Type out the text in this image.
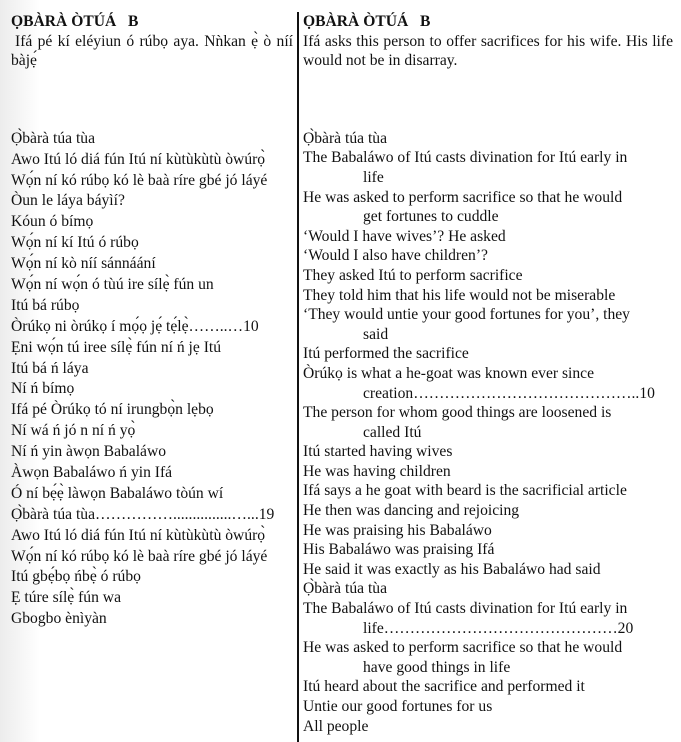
ỌBÀRÀ ÒTÚÁ   B
Ifá pé kí eléyiun ó rúbọ aya. Nǹkan ẹ̀ ò níí bàjẹ́
Ọ̀bàrà túa tùa
Awo Itú ló diá fún Itú ní kùtùkùtù òwúrọ̀
Wọ́n ní kó rúbọ kó lè baà ríre gbé jó láyé
Òun le láya báyìí?
Kóun ó bímọ
Wọ́n ní kí Itú ó rúbọ
Wọ́n ní kò níí sánnáání
Wọ́n ní wọ́n ó tùú ire sílẹ̀ fún un
Itú bá rúbọ
Òrúkọ ni òrúkọ í mọ́ọ jẹ́ tẹ́lẹ̀……..…10
Ẹni wọ́n tú iree sílẹ̀ fún ní ń jẹ Itú
Itú bá ń láya
Ní ń bímọ
Ifá pé Òrúkọ tó ní irungbọ̀n lẹbọ
Ní wá ń jó n ní ń yọ̀
Ní ń yin àwọn Babaláwo
Àwọn Babaláwo ń yin Ifá
Ó ní bẹ́ẹ̀ làwọn Babaláwo tòún wí
Ọ̀bàrà túa tùa……………...............…...19
Awo Itú ló diá fún Itú ní kùtùkùtù òwúrọ̀
Wọ́n ní kó rúbọ kó lè baà ríre gbé jó láyé
Itú gbẹ́bọ ńbẹ̀ ó rúbọ
Ẹ túre sílẹ̀ fún wa
Gbogbo ènìyàn
ỌBÀRÀ ÒTÚÁ   B
Ifá asks this person to offer sacrifices for his wife. His life would not be in disarray.
Ọ̀bàrà túa tùa
The Babaláwo of Itú casts divination for Itú early in
life
He was asked to perform sacrifice so that he would
get fortunes to cuddle
‘Would I have wives’? He asked
‘Would I also have children’?
They asked Itú to perform sacrifice
They told him that his life would not be miserable
‘They would untie your good fortunes for you’, they
said
Itú performed the sacrifice
Òrúkọ is what a he-goat was known ever since
creation……………………………………..10
The person for whom good things are loosened is
called Itú
Itú started having wives
He was having children
Ifá says a he goat with beard is the sacrificial article
He then was dancing and rejoicing
He was praising his Babaláwo
His Babaláwo was praising Ifá
He said it was exactly as his Babaláwo had said
Ọ̀bàrà túa tùa
The Babaláwo of Itú casts divination for Itú early in
life………………………………………20
He was asked to perform sacrifice so that he would
have good things in life
Itú heard about the sacrifice and performed it
Untie our good fortunes for us
All people
